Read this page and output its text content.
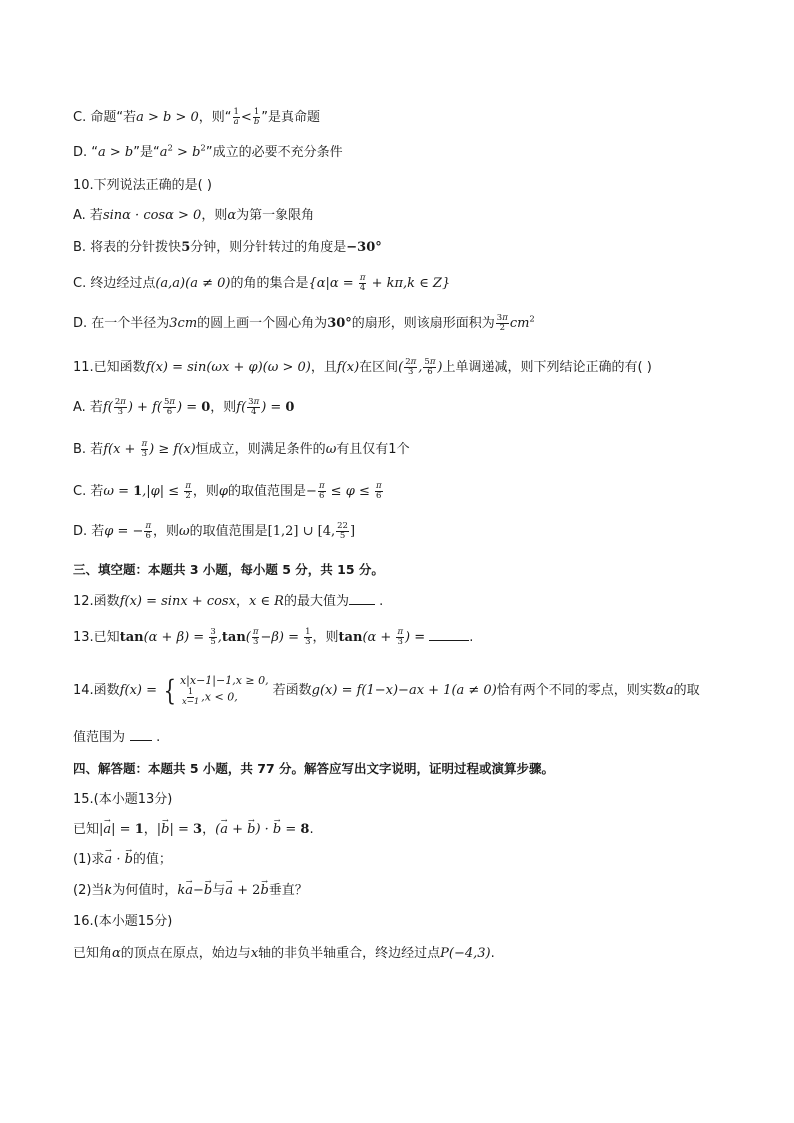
C. 命题“若a > b > 0，则“ $\frac{1}{a} < \frac{1}{b}$ ”是真命题
D. “a > b”是“$a^2 > b^2$”成立的必要不充分条件
10.下列说法正确的是( )
A. 若sinα · cosα > 0，则α为第一象限角
B. 将表的分针拨快5分钟，则分针转过的角度是−30°
C. 终边经过点(a,a)(a ≠ 0)的角的集合是{$\alpha|\alpha = \frac{\pi}{4} + k\pi,k$ ∈ Z}
D. 在一个半径为3cm的圆上画一个圆心角为30°的扇形，则该扇形面积为 $\frac{3\pi}{2} cm^2$
11.已知函数f(x) = sin(ωx + φ)(ω > 0)，且f(x)在区间( $\frac{2\pi}{3}$ , $\frac{5\pi}{6}$ )上单调递减，则下列结论正确的有( )
A. 若$f( \frac{2\pi}{3}$ ) + $f( \frac{5\pi}{6}$ ) = 0，则$f( \frac{3\pi}{4}$ ) = 0
B. 若$f(x + \frac{\pi}{3}$ ) ≥ f(x)恒成立，则满足条件的ω有且仅有1个
C. 若$\omega = 1,|\varphi| \le \frac{\pi}{2}$ ，则φ的取值范围是− $\frac{\pi}{6} \le \varphi \le \frac{\pi}{6}$
D. 若φ = − $\frac{\pi}{6}$ ，则ω的取值范围是[1,2] ∪ [4, $\frac{22}{5}$ ]
三、填空题：本题共 3 小题，每小题 5 分，共 15 分。
12.函数f(x) = sinx + cosx，x ∈ R的最大值为 .
13.已知$\tan(\alpha + \beta) = \frac{3}{5} ,\tan( \frac{\pi}{3} -\beta) = \frac{1}{3}$ ，则$\tan(\alpha + \frac{\pi}{3}$ ) =	.
14.函数f(x) = { x|x−1|−1,x ≥ 0,
$\frac{1}{x-1} ,x < 0$,	若函数g(x) = f(1−x)−ax + 1(a ≠ 0)恰有两个不同的零点，则实数a的取
值范围为 .
四、解答题：本题共 5 小题，共 77 分。解答应写出文字说明，证明过程或演算步骤。
15.(本小题13分)
已知|→ a| = 1，|→ b| = 3，(→ a + → b) · → b = 8.
(1)求→ a · → b的值；
(2)当k为何值时，k→ a−→ b与→ a + 2→ b垂直？
16.(本小题15分)
已知角α的顶点在原点，始边与x轴的非负半轴重合，终边经过点P(−4,3).
